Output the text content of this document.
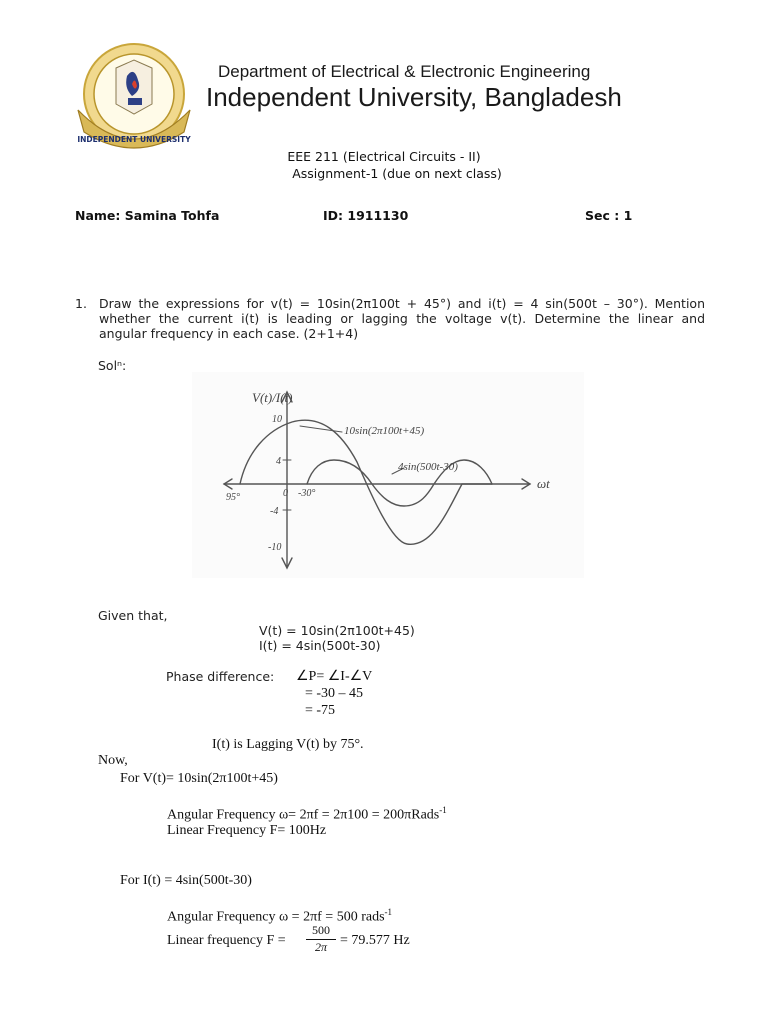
INDEPENDENT UNIVERSITY
Department of Electrical & Electronic Engineering
Independent University, Bangladesh
EEE 211 (Electrical Circuits - II)
Assignment-1 (due on next class)
Name: Samina Tohfa	ID: 1911130	Sec : 1
1. Draw the expressions for v(t) = 10sin(2π100t + 45°) and i(t) = 4 sin(500t – 30°). Mention
whether the current i(t) is leading or lagging the voltage v(t). Determine the linear and
angular frequency in each case. (2+1+4)
Solⁿ:
V(t)/I(t)
ωt
10sin(2π100t+45)
4sin(500t-30)
10
4
-4
-10
95°	0 -30°
Given that,
V(t) = 10sin(2π100t+45)
I(t) = 4sin(500t-30)
Phase difference: ∠P= ∠I-∠V
= -30 – 45
= -75
I(t) is Lagging V(t) by 75°.
Now,
For V(t)= 10sin(2π100t+45)
Angular Frequency ω= 2πf = 2π100 = 200πRads$^{-1}$
Linear Frequency F= 100Hz
For I(t) = 4sin(500t-30)
Angular Frequency ω = 2πf = 500 rads$^{-1}$
Linear frequency $F = \frac{500}{2\pi} = 79.577$ Hz
